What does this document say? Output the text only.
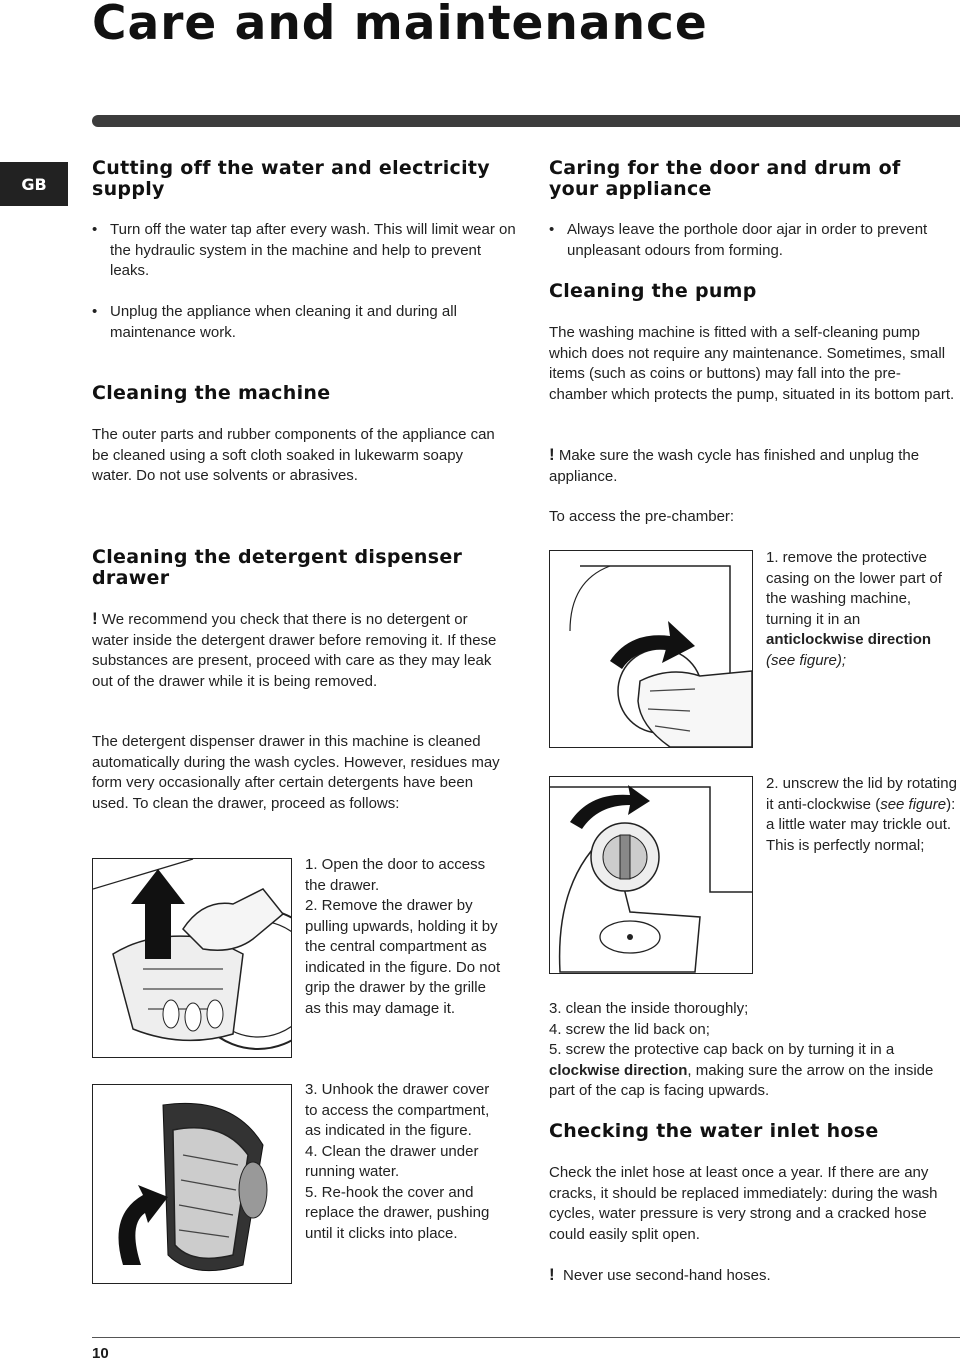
Care and maintenance
GB
Cutting off the water and electricity supply

• Turn off the water tap after every wash. This will limit wear on the hydraulic system in the machine and help to prevent leaks.

• Unplug the appliance when cleaning it and during all maintenance work.

Cleaning the machine

The outer parts and rubber components of the appliance can be cleaned using a soft cloth soaked in lukewarm soapy water. Do not use solvents or abrasives.

Cleaning the detergent dispenser drawer

! We recommend you check that there is no detergent or water inside the detergent drawer before removing it. If these substances are present, proceed with care as they may leak out of the drawer while it is being removed.

The detergent dispenser drawer in this machine is cleaned automatically during the wash cycles. However, residues may form very occasionally after certain detergents have been used. To clean the drawer, proceed as follows:

1. Open the door to access the drawer.
2. Remove the drawer by pulling upwards, holding it by the central compartment as indicated in the figure. Do not grip the drawer by the grille as this may damage it.

3. Unhook the drawer cover to access the compartment, as indicated in the figure.
4. Clean the drawer under running water.
5. Re-hook the cover and replace the drawer, pushing until it clicks into place.

Caring for the door and drum of your appliance

• Always leave the porthole door ajar in order to prevent unpleasant odours from forming.

Cleaning the pump

The washing machine is fitted with a self-cleaning pump which does not require any maintenance. Sometimes, small items (such as coins or buttons) may fall into the pre-chamber which protects the pump, situated in its bottom part.

! Make sure the wash cycle has finished and unplug the appliance.

To access the pre-chamber:

1. remove the protective casing on the lower part of the washing machine, turning it in an anticlockwise direction (see figure);

2. unscrew the lid by rotating it anti-clockwise (see figure): a little water may trickle out. This is perfectly normal;

3. clean the inside thoroughly;
4. screw the lid back on;
5. screw the protective cap back on by turning it in a clockwise direction, making sure the arrow on the inside part of the cap is facing upwards.

Checking the water inlet hose

Check the inlet hose at least once a year. If there are any cracks, it should be replaced immediately: during the wash cycles, water pressure is very strong and a cracked hose could easily split open.

!  Never use second-hand hoses.

10
